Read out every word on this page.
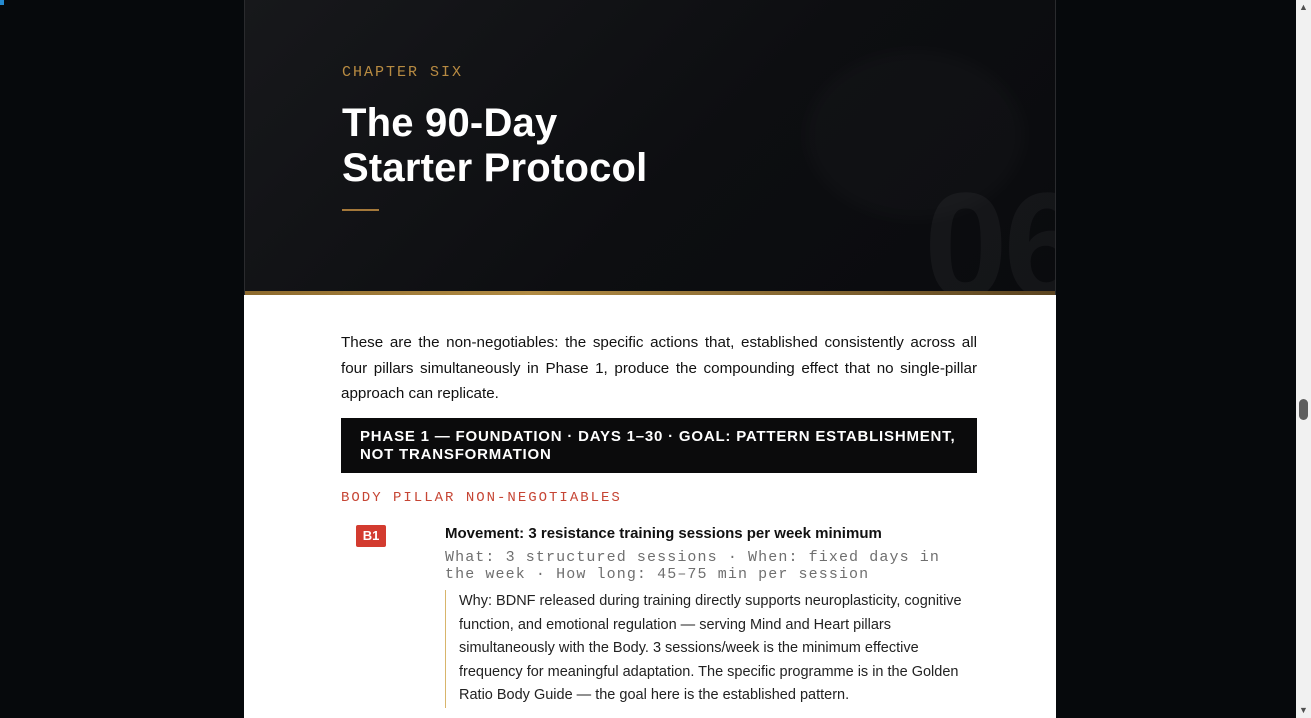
CHAPTER SIX
The 90-Day
Starter Protocol

These are the non-negotiables: the specific actions that, established consistently across all four pillars simultaneously in Phase 1, produce the compounding effect that no single-pillar approach can replicate.

PHASE 1 — FOUNDATION · DAYS 1–30 · GOAL: PATTERN ESTABLISHMENT, NOT TRANSFORMATION
BODY PILLAR NON-NEGOTIABLES
B1	Movement: 3 resistance training sessions per week minimum
What: 3 structured sessions · When: fixed days in the week · How long: 45–75 min per session
Why: BDNF released during training directly supports neuroplasticity, cognitive function, and emotional regulation — serving Mind and Heart pillars simultaneously with the Body. 3 sessions/week is the minimum effective frequency for meaningful adaptation. The specific programme is in the Golden Ratio Body Guide — the goal here is the established pattern.
▲
▼
